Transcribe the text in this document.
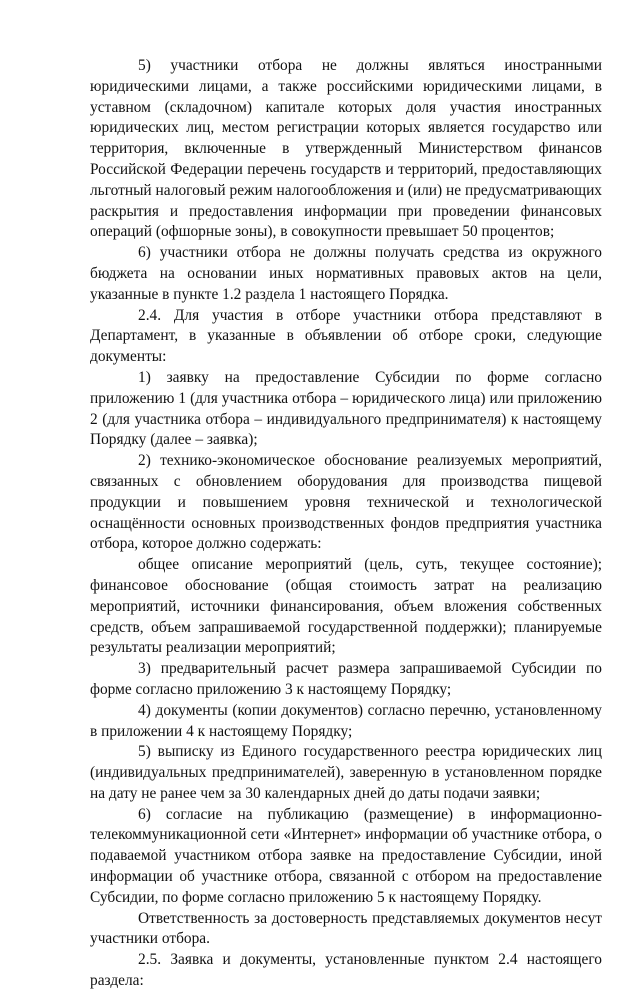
5) участники отбора не должны являться иностранными юридическими лицами, а также российскими юридическими лицами, в уставном (складочном) капитале которых доля участия иностранных юридических лиц, местом регистрации которых является государство или территория, включенные в утвержденный Министерством финансов Российской Федерации перечень государств и территорий, предоставляющих льготный налоговый режим налогообложения и (или) не предусматривающих раскрытия и предоставления информации при проведении финансовых операций (офшорные зоны), в совокупности превышает 50 процентов;

6) участники отбора не должны получать средства из окружного бюджета на основании иных нормативных правовых актов на цели, указанные в пункте 1.2 раздела 1 настоящего Порядка.

2.4. Для участия в отборе участники отбора представляют в Департамент, в указанные в объявлении об отборе сроки, следующие документы:

1) заявку на предоставление Субсидии по форме согласно приложению 1 (для участника отбора – юридического лица) или приложению 2 (для участника отбора – индивидуального предпринимателя) к настоящему Порядку (далее – заявка);

2) технико-экономическое обоснование реализуемых мероприятий, связанных с обновлением оборудования для производства пищевой продукции и повышением уровня технической и технологической оснащённости основных производственных фондов предприятия участника отбора, которое должно содержать:

общее описание мероприятий (цель, суть, текущее состояние); финансовое обоснование (общая стоимость затрат на реализацию мероприятий, источники финансирования, объем вложения собственных средств, объем запрашиваемой государственной поддержки); планируемые результаты реализации мероприятий;

3) предварительный расчет размера запрашиваемой Субсидии по форме согласно приложению 3 к настоящему Порядку;

4) документы (копии документов) согласно перечню, установленному в приложении 4 к настоящему Порядку;

5) выписку из Единого государственного реестра юридических лиц (индивидуальных предпринимателей), заверенную в установленном порядке на дату не ранее чем за 30 календарных дней до даты подачи заявки;

6) согласие на публикацию (размещение) в информационно-телекоммуникационной сети «Интернет» информации об участнике отбора, о подаваемой участником отбора заявке на предоставление Субсидии, иной информации об участнике отбора, связанной с отбором на предоставление Субсидии, по форме согласно приложению 5 к настоящему Порядку.

Ответственность за достоверность представляемых документов несут участники отбора.

2.5. Заявка и документы, установленные пунктом 2.4 настоящего раздела:
